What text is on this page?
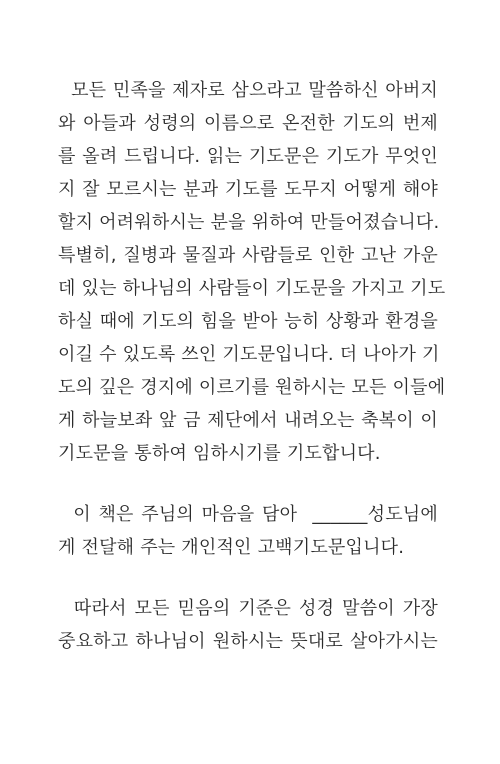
모든 민족을 제자로 삼으라고 말씀하신 아버지
와 아들과 성령의 이름으로 온전한 기도의 번제
를 올려 드립니다. 읽는 기도문은 기도가 무엇인
지 잘 모르시는 분과 기도를 도무지 어떻게 해야
할지 어려워하시는 분을 위하여 만들어졌습니다.
특별히, 질병과 물질과 사람들로 인한 고난 가운
데 있는 하나님의 사람들이 기도문을 가지고 기도
하실 때에 기도의 힘을 받아 능히 상황과 환경을
이길 수 있도록 쓰인 기도문입니다. 더 나아가 기
도의 깊은 경지에 이르기를 원하시는 모든 이들에
게 하늘보좌 앞 금 제단에서 내려오는 축복이 이
기도문을 통하여 임하시기를 기도합니다.

이 책은 주님의 마음을 담아  ______성도님에
게 전달해 주는 개인적인 고백기도문입니다.

따라서 모든 믿음의 기준은 성경 말씀이 가장
중요하고 하나님이 원하시는 뜻대로 살아가시는
